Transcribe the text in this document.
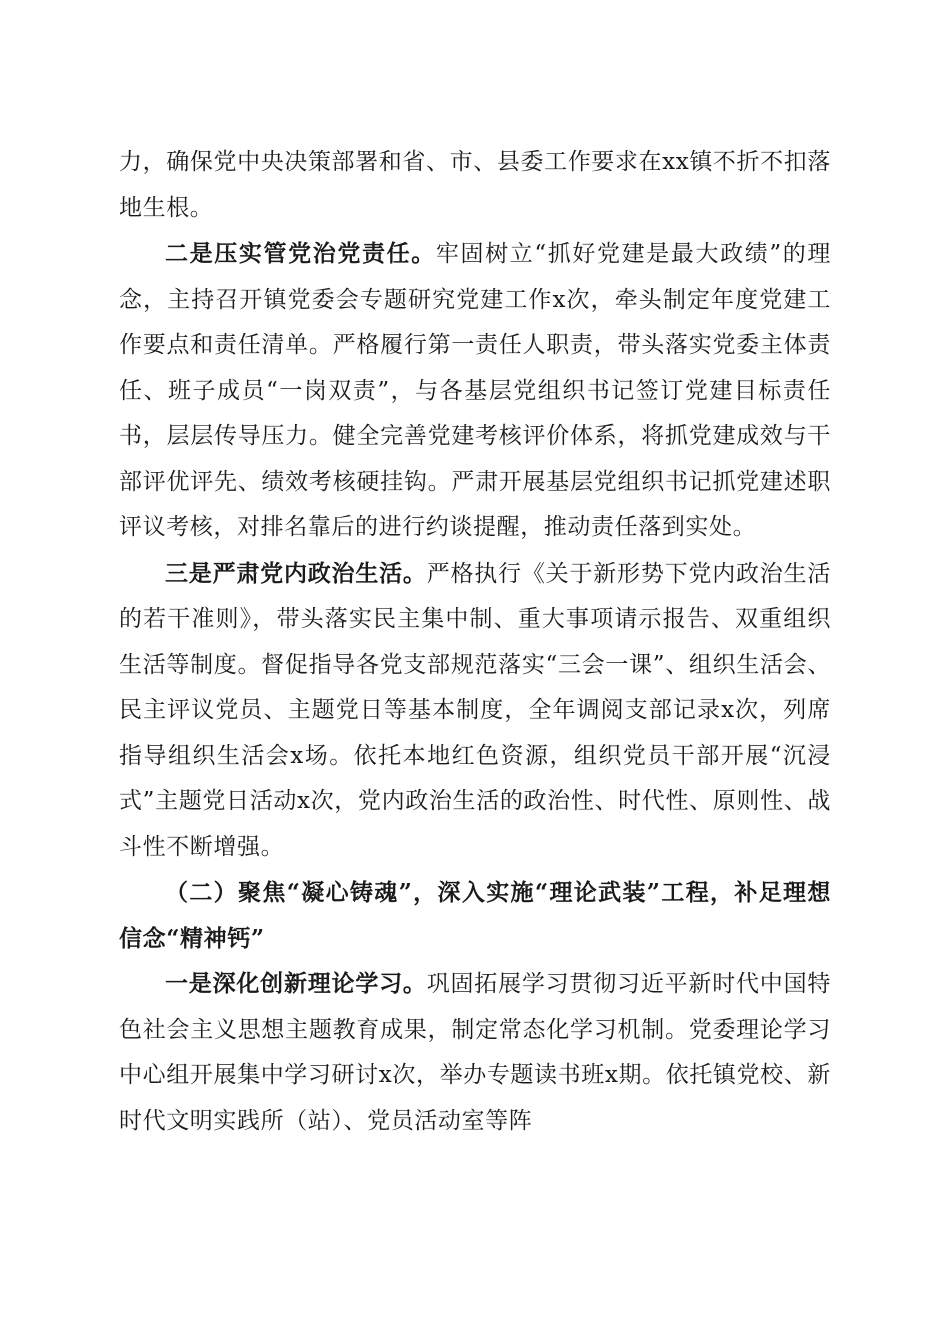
力，确保党中央决策部署和省、市、县委工作要求在xx镇不折不扣落地生根。

二是压实管党治党责任。牢固树立“抓好党建是最大政绩”的理念，主持召开镇党委会专题研究党建工作x次，牵头制定年度党建工作要点和责任清单。严格履行第一责任人职责，带头落实党委主体责任、班子成员“一岗双责”，与各基层党组织书记签订党建目标责任书，层层传导压力。健全完善党建考核评价体系，将抓党建成效与干部评优评先、绩效考核硬挂钩。严肃开展基层党组织书记抓党建述职评议考核，对排名靠后的进行约谈提醒，推动责任落到实处。

三是严肃党内政治生活。严格执行《关于新形势下党内政治生活的若干准则》，带头落实民主集中制、重大事项请示报告、双重组织生活等制度。督促指导各党支部规范落实“三会一课”、组织生活会、民主评议党员、主题党日等基本制度，全年调阅支部记录x次，列席指导组织生活会x场。依托本地红色资源，组织党员干部开展“沉浸式”主题党日活动x次，党内政治生活的政治性、时代性、原则性、战斗性不断增强。

（二）聚焦“凝心铸魂”，深入实施“理论武装”工程，补足理想信念“精神钙”

一是深化创新理论学习。巩固拓展学习贯彻习近平新时代中国特色社会主义思想主题教育成果，制定常态化学习机制。党委理论学习中心组开展集中学习研讨x次，举办专题读书班x期。依托镇党校、新时代文明实践所（站）、党员活动室等阵
